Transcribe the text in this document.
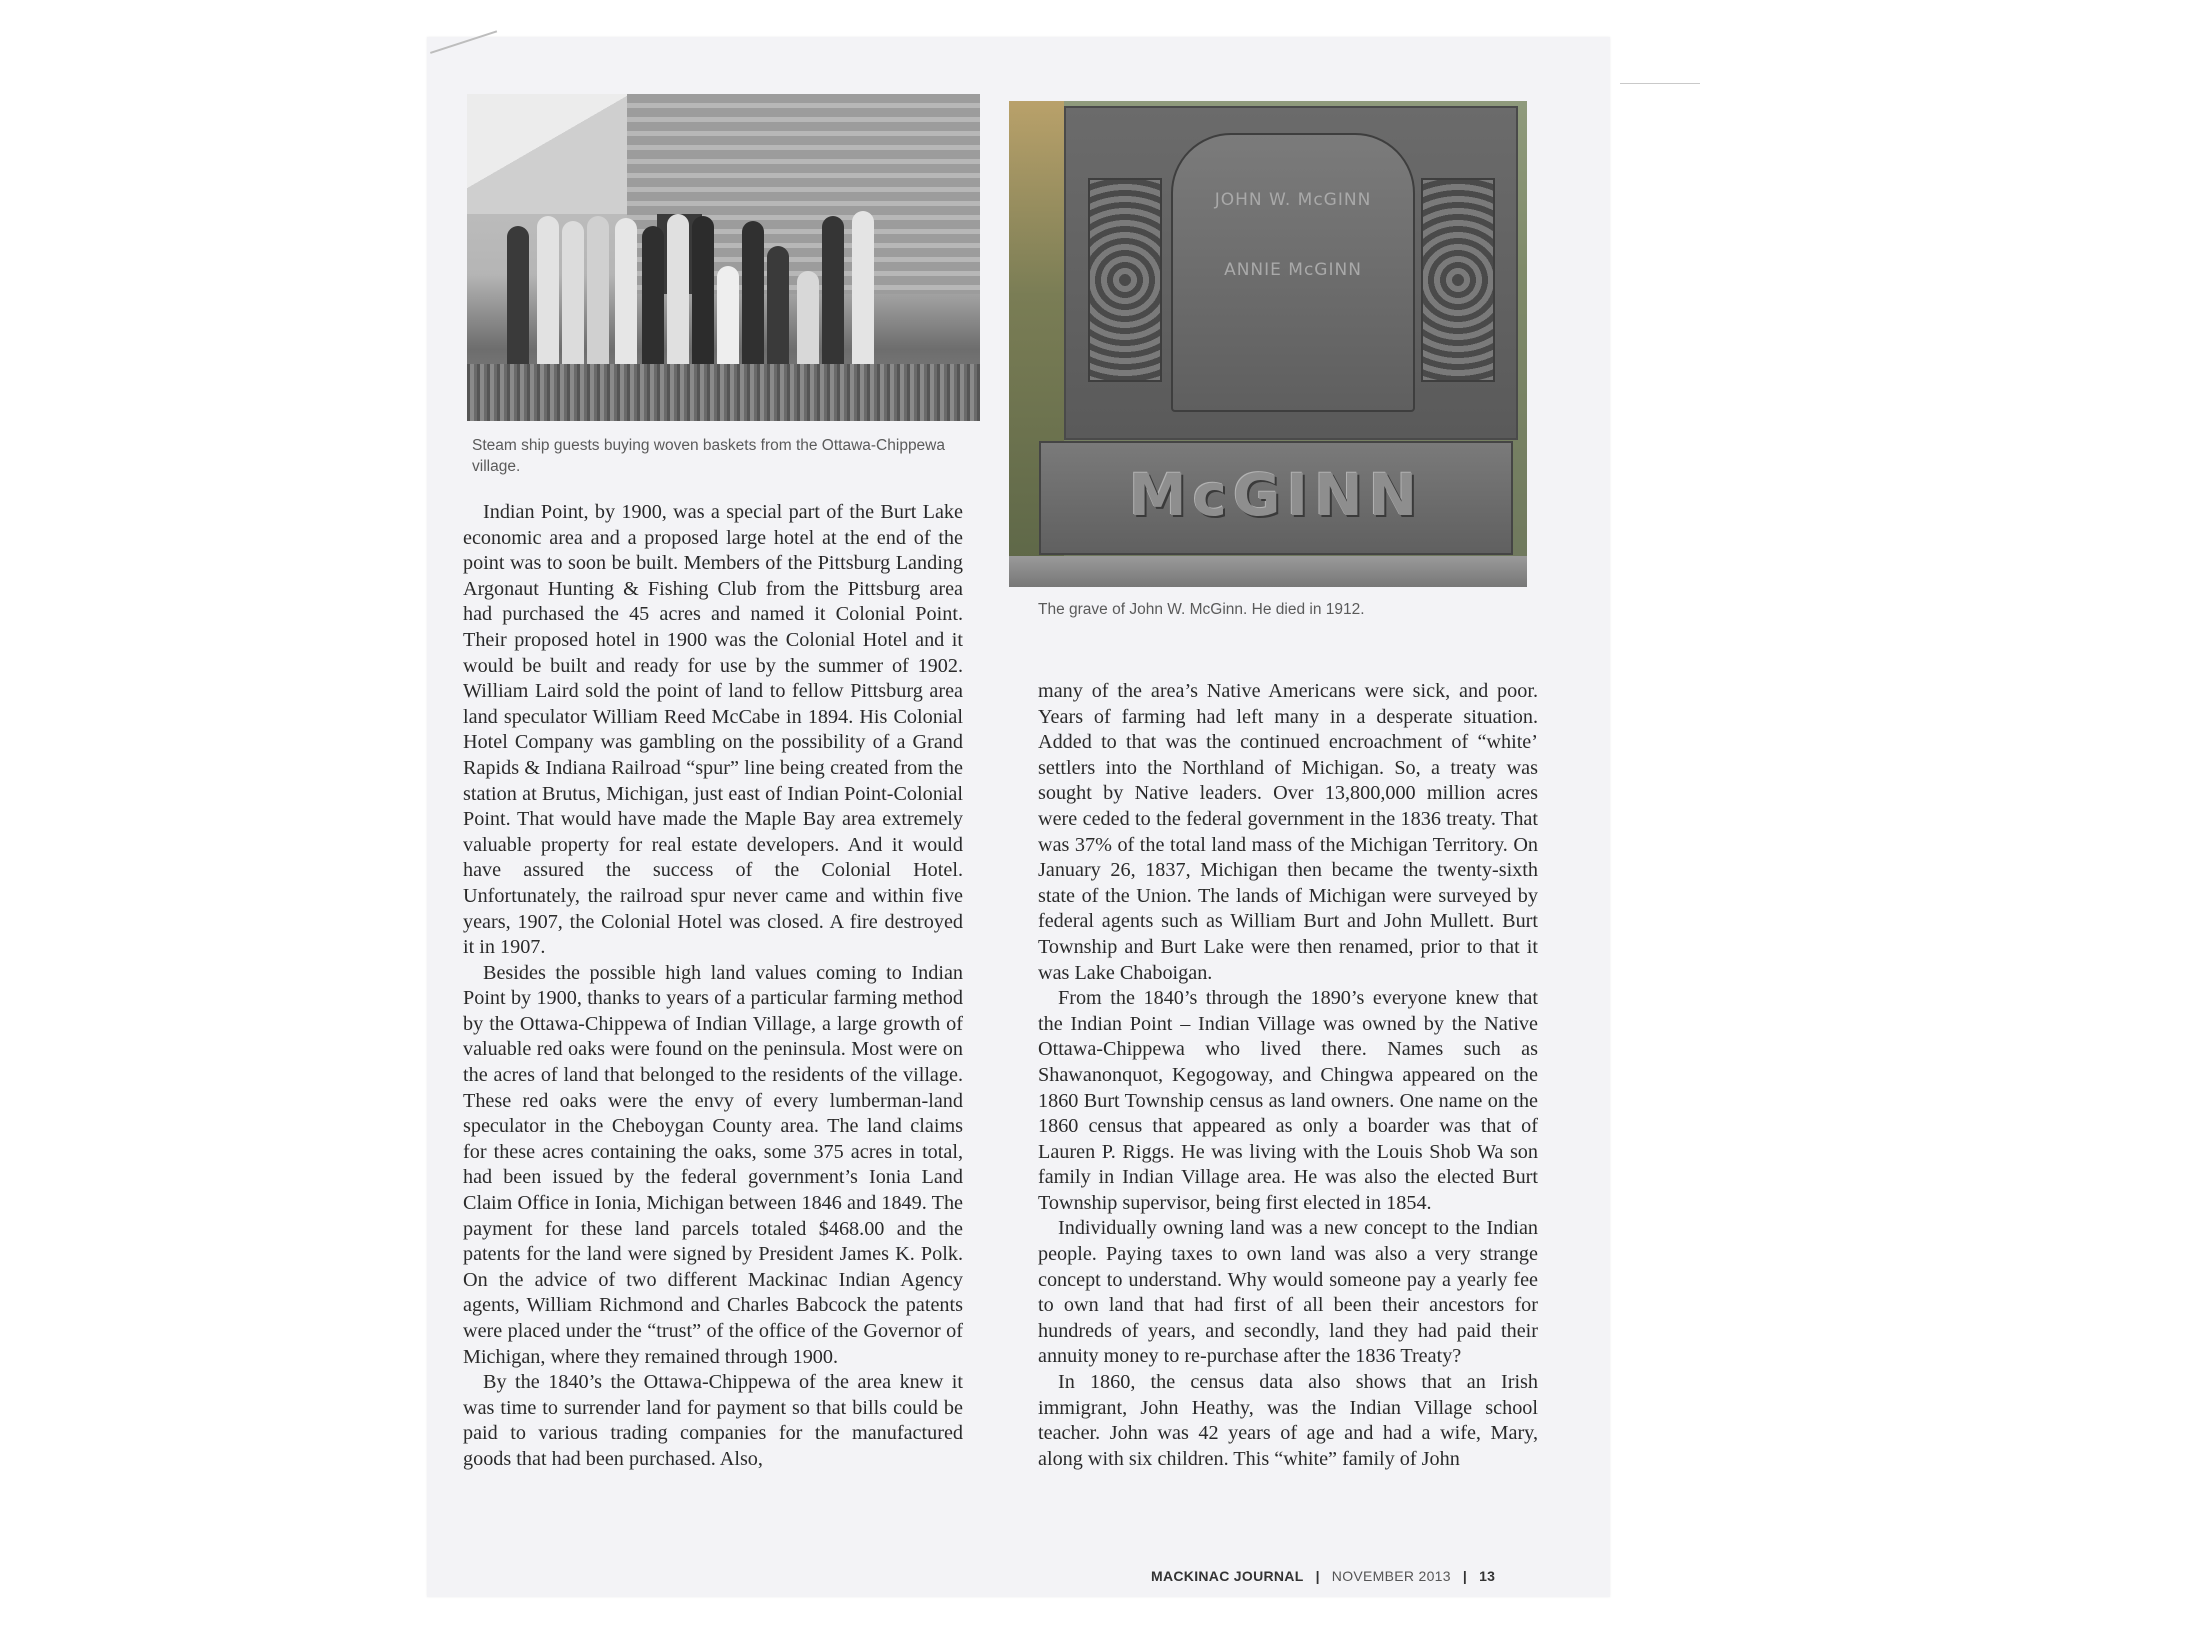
Steam ship guests buying woven baskets from the Ottawa-Chippewa village.
JOHN W. McGINN
ANNIE McGINN
McGINN
The grave of John W. McGinn. He died in 1912.

Indian Point, by 1900, was a special part of the Burt Lake economic area and a proposed large hotel at the end of the point was to soon be built. Members of the Pittsburg Landing Argonaut Hunting & Fishing Club from the Pittsburg area had purchased the 45 acres and named it Colonial Point. Their proposed hotel in 1900 was the Colonial Hotel and it would be built and ready for use by the summer of 1902. William Laird sold the point of land to fellow Pittsburg area land speculator William Reed McCabe in 1894. His Colonial Hotel Company was gambling on the possibility of a Grand Rapids & Indiana Railroad “spur” line being created from the station at Brutus, Michigan, just east of Indian Point-Colonial Point. That would have made the Maple Bay area extremely valuable property for real estate developers. And it would have assured the success of the Colonial Hotel. Unfortunately, the railroad spur never came and within five years, 1907, the Colonial Hotel was closed. A fire destroyed it in 1907.

Besides the possible high land values coming to Indian Point by 1900, thanks to years of a particular farming method by the Ottawa-Chippewa of Indian Village, a large growth of valuable red oaks were found on the peninsula. Most were on the acres of land that belonged to the residents of the village. These red oaks were the envy of every lumberman-land speculator in the Cheboygan County area. The land claims for these acres containing the oaks, some 375 acres in total, had been issued by the federal government’s Ionia Land Claim Office in Ionia, Michigan between 1846 and 1849. The payment for these land parcels totaled $468.00 and the patents for the land were signed by President James K. Polk. On the advice of two different Mackinac Indian Agency agents, William Richmond and Charles Babcock the patents were placed under the “trust” of the office of the Governor of Michigan, where they remained through 1900.

By the 1840’s the Ottawa-Chippewa of the area knew it was time to surrender land for payment so that bills could be paid to various trading companies for the manufactured goods that had been purchased. Also,

many of the area’s Native Americans were sick, and poor. Years of farming had left many in a desperate situation. Added to that was the continued encroachment of “white’ settlers into the Northland of Michigan. So, a treaty was sought by Native leaders. Over 13,800,000 million acres were ceded to the federal government in the 1836 treaty. That was 37% of the total land mass of the Michigan Territory. On January 26, 1837, Michigan then became the twenty-sixth state of the Union. The lands of Michigan were surveyed by federal agents such as William Burt and John Mullett. Burt Township and Burt Lake were then renamed, prior to that it was Lake Chaboigan.

From the 1840’s through the 1890’s everyone knew that the Indian Point – Indian Village was owned by the Native Ottawa-Chippewa who lived there. Names such as Shawanonquot, Kegogoway, and Chingwa appeared on the 1860 Burt Township census as land owners. One name on the 1860 census that appeared as only a boarder was that of Lauren P. Riggs. He was living with the Louis Shob Wa son family in Indian Village area. He was also the elected Burt Township supervisor, being first elected in 1854.

Individually owning land was a new concept to the Indian people. Paying taxes to own land was also a very strange concept to understand. Why would someone pay a yearly fee to own land that had first of all been their ancestors for hundreds of years, and secondly, land they had paid their annuity money to re-purchase after the 1836 Treaty?

In 1860, the census data also shows that an Irish immigrant, John Heathy, was the Indian Village school teacher. John was 42 years of age and had a wife, Mary, along with six children. This “white” family of John

MACKINAC JOURNAL | NOVEMBER 2013 | 13
